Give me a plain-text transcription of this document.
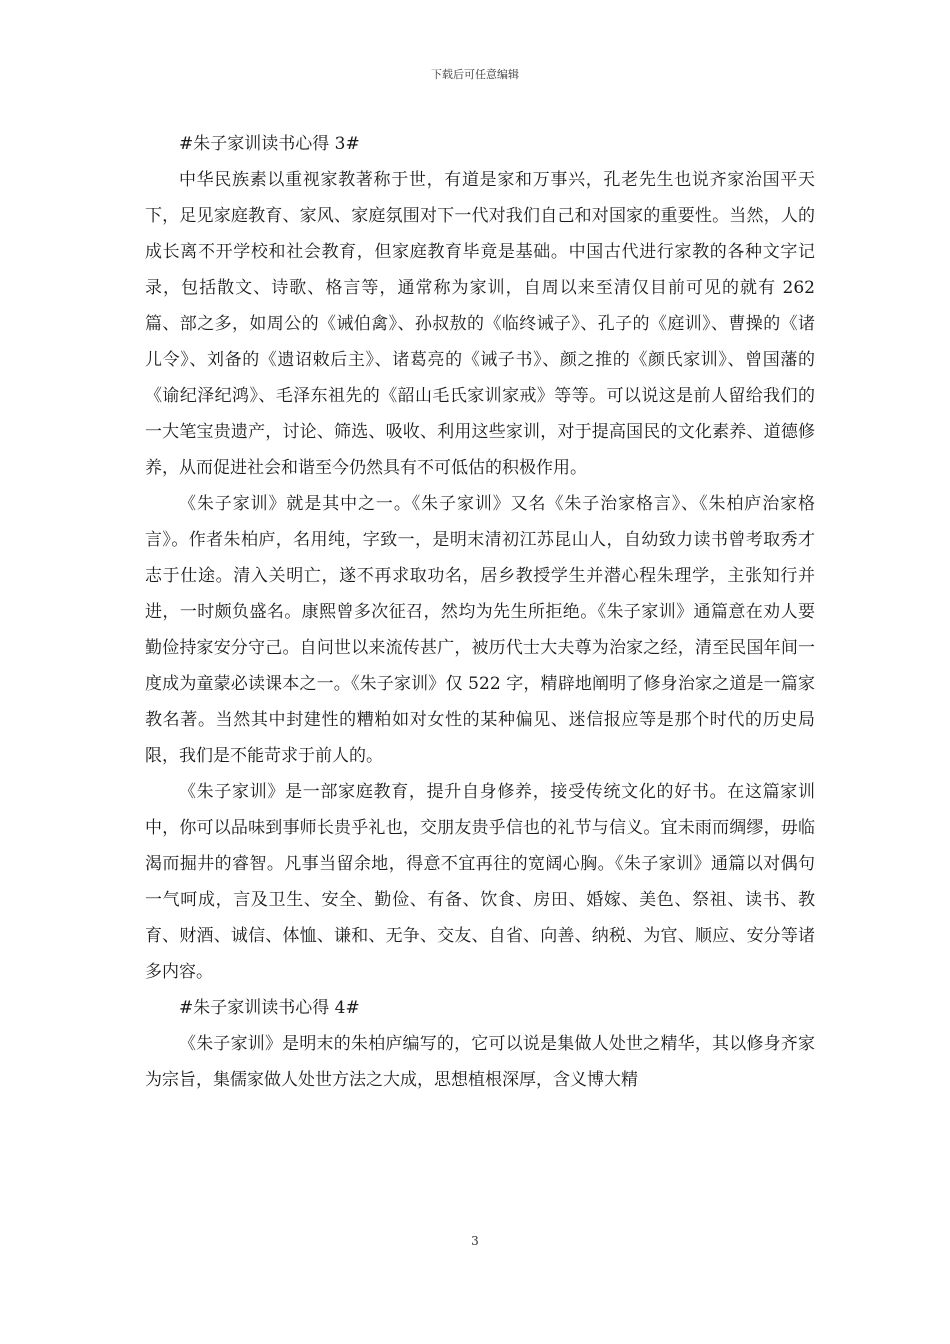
下载后可任意编辑
#朱子家训读书心得 3#

中华民族素以重视家教著称于世，有道是家和万事兴，孔老先生也说齐家治国平天下，足见家庭教育、家风、家庭氛围对下一代对我们自己和对国家的重要性。当然，人的成长离不开学校和社会教育，但家庭教育毕竟是基础。中国古代进行家教的各种文字记录，包括散文、诗歌、格言等，通常称为家训，自周以来至清仅目前可见的就有 262 篇、部之多，如周公的《诫伯禽》、孙叔敖的《临终诫子》、孔子的《庭训》、曹操的《诸儿令》、刘备的《遗诏敕后主》、诸葛亮的《诫子书》、颜之推的《颜氏家训》、曾国藩的《谕纪泽纪鸿》、毛泽东祖先的《韶山毛氏家训家戒》等等。可以说这是前人留给我们的一大笔宝贵遗产，讨论、筛选、吸收、利用这些家训，对于提高国民的文化素养、道德修养，从而促进社会和谐至今仍然具有不可低估的积极作用。

《朱子家训》就是其中之一。《朱子家训》又名《朱子治家格言》、《朱柏庐治家格言》。作者朱柏庐，名用纯，字致一，是明末清初江苏昆山人，自幼致力读书曾考取秀才志于仕途。清入关明亡，遂不再求取功名，居乡教授学生并潜心程朱理学，主张知行并进，一时颇负盛名。康熙曾多次征召，然均为先生所拒绝。《朱子家训》通篇意在劝人要勤俭持家安分守己。自问世以来流传甚广，被历代士大夫尊为治家之经，清至民国年间一度成为童蒙必读课本之一。《朱子家训》仅 522 字，精辟地阐明了修身治家之道是一篇家教名著。当然其中封建性的糟粕如对女性的某种偏见、迷信报应等是那个时代的历史局限，我们是不能苛求于前人的。

《朱子家训》是一部家庭教育，提升自身修养，接受传统文化的好书。在这篇家训中，你可以品味到事师长贵乎礼也，交朋友贵乎信也的礼节与信义。宜未雨而绸缪，毋临渴而掘井的睿智。凡事当留余地，得意不宜再往的宽阔心胸。《朱子家训》通篇以对偶句一气呵成，言及卫生、安全、勤俭、有备、饮食、房田、婚嫁、美色、祭祖、读书、教育、财酒、诚信、体恤、谦和、无争、交友、自省、向善、纳税、为官、顺应、安分等诸多内容。

#朱子家训读书心得 4#

《朱子家训》是明末的朱柏庐编写的，它可以说是集做人处世之精华，其以修身齐家为宗旨，集儒家做人处世方法之大成，思想植根深厚，含义博大精

3
